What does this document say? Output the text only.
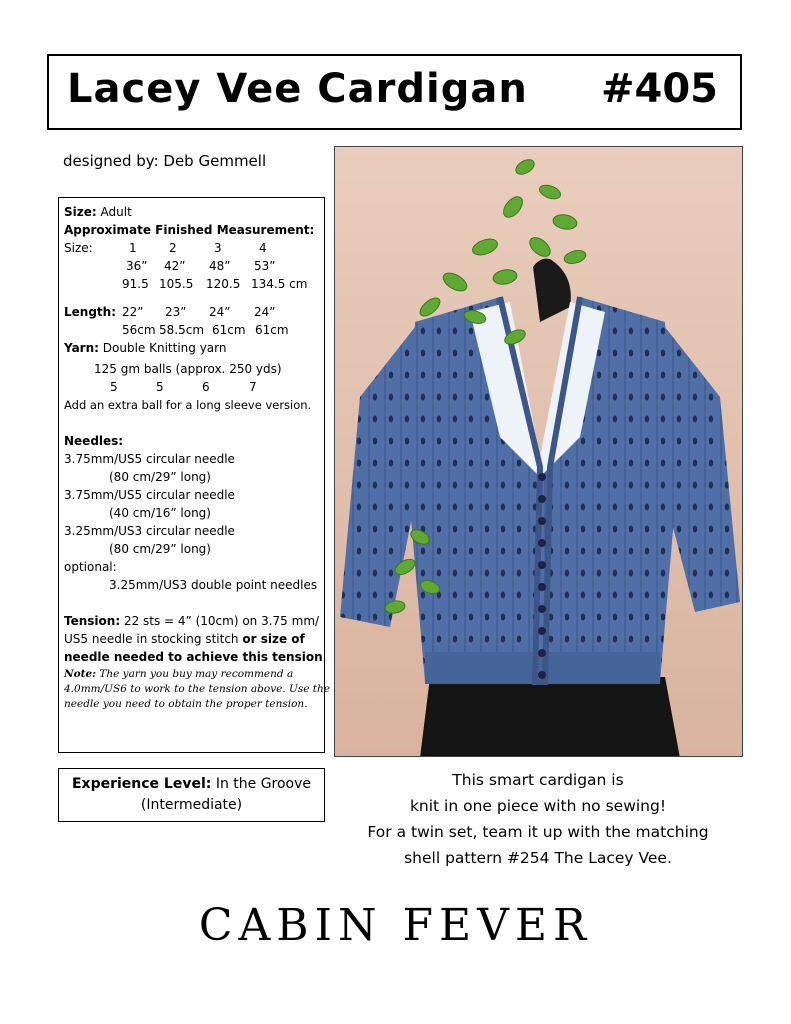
Lacey Vee Cardigan #405
designed by: Deb Gemmell
Size: Adult
Approximate Finished Measurement:
Size:	1	2	3	4
36” 42” 48” 53”
91.5 105.5 120.5 134.5 cm
Length: 22” 23” 24” 24”
56cm 58.5cm 61cm 61cm
Yarn: Double Knitting yarn
125 gm balls (approx. 250 yds)
5	5	6	7
Add an extra ball for a long sleeve version.
Needles:
3.75mm/US5 circular needle
(80 cm/29” long)
3.75mm/US5 circular needle
(40 cm/16” long)
3.25mm/US3 circular needle
(80 cm/29” long)
optional:
3.25mm/US3 double point needles
Tension: 22 sts = 4” (10cm) on 3.75 mm/
US5 needle in stocking stitch or size of
needle needed to achieve this tension.
Note: The yarn you buy may recommend a
4.0mm/US6 to work to the tension above. Use the
needle you need to obtain the proper tension.
Experience Level: In the Groove
(Intermediate)
This smart cardigan is
knit in one piece with no sewing!
For a twin set, team it up with the matching
shell pattern #254 The Lacey Vee.
CABIN FEVER
